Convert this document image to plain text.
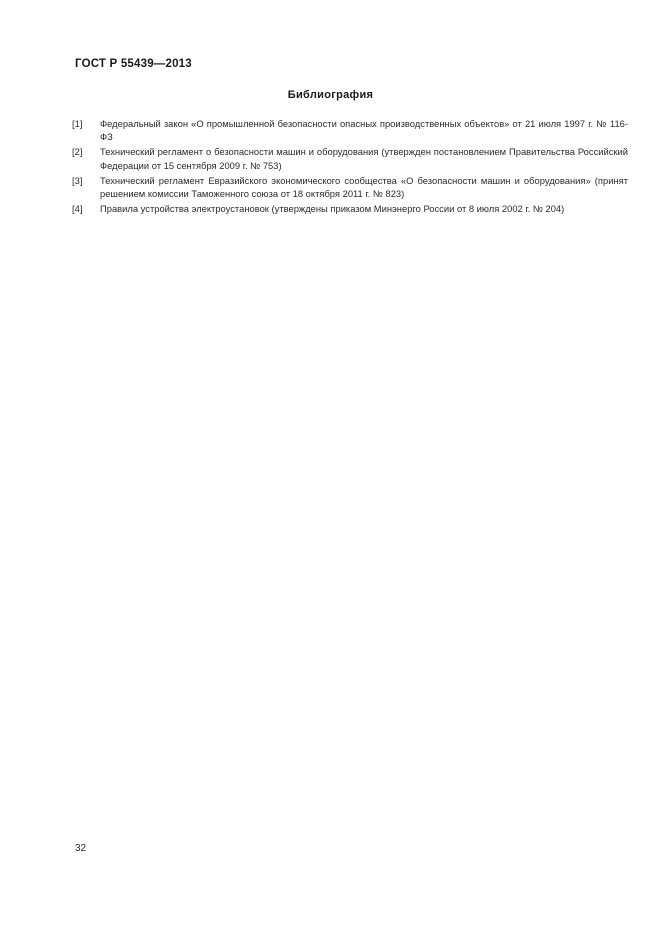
ГОСТ Р 55439—2013
Библиография
[1]	Федеральный закон «О промышленной безопасности опасных производственных объектов» от 21 июля 1997 г. № 116-ФЗ
[2]	Технический регламент о безопасности машин и оборудования (утвержден постановлением Правительства Российский Федерации от 15 сентября 2009 г. № 753)
[3]	Технический регламент Евразийского экономического сообщества «О безопасности машин и оборудования» (принят решением комиссии Таможенного союза от 18 октября 2011 г. № 823)
[4]	Правила устройства электроустановок (утверждены приказом Минэнерго России от 8 июля 2002 г. № 204)
32
